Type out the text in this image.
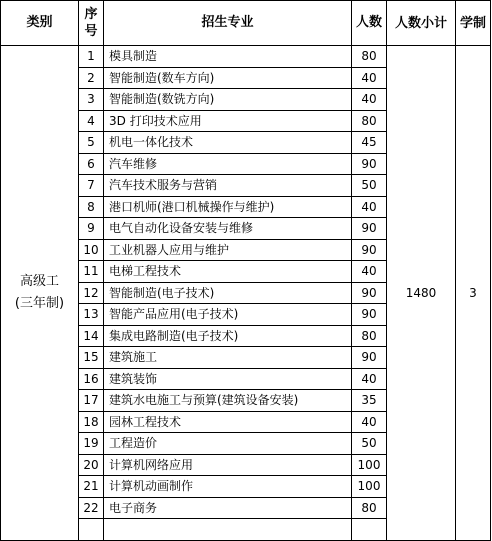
类别	序号	招生专业	人数	人数小计	学制

高级工
(三年制)	1	模具制造	80	1480	3
	2	智能制造(数车方向)	40		
	3	智能制造(数铣方向)	40		
	4	3D 打印技术应用	80		
	5	机电一体化技术	45		
	6	汽车维修	90		
	7	汽车技术服务与营销	50		
	8	港口机师(港口机械操作与维护)	40		
	9	电气自动化设备安装与维修	90		
	10	工业机器人应用与维护	90		
	11	电梯工程技术	40		
	12	智能制造(电子技术)	90		
	13	智能产品应用(电子技术)	90		
	14	集成电路制造(电子技术)	80		
	15	建筑施工	90		
	16	建筑装饰	40		
	17	建筑水电施工与预算(建筑设备安装)	35		
	18	园林工程技术	40		
	19	工程造价	50		
	20	计算机网络应用	100		
	21	计算机动画制作	100		
	22	电子商务	80		
